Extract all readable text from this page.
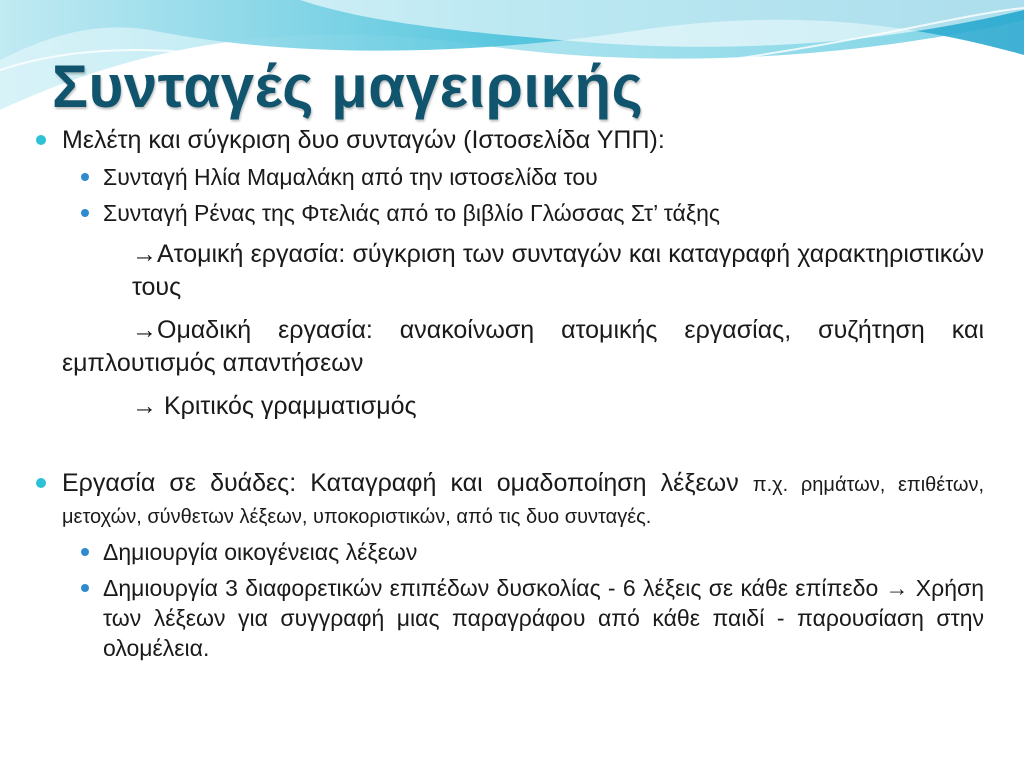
Συνταγές μαγειρικής

Μελέτη και σύγκριση δυο συνταγών (Ιστοσελίδα ΥΠΠ):

Συνταγή Ηλία Μαμαλάκη από την ιστοσελίδα του

Συνταγή Ρένας της Φτελιάς από το βιβλίο Γλώσσας Στ’ τάξης

→Ατομική εργασία: σύγκριση των συνταγών και καταγραφή χαρακτηριστικών τους

→Ομαδική εργασία: ανακοίνωση ατομικής εργασίας, συζήτηση και εμπλουτισμός απαντήσεων

→ Κριτικός γραμματισμός

Εργασία σε δυάδες: Καταγραφή και ομαδοποίηση λέξεων π.χ. ρημάτων, επιθέτων, μετοχών, σύνθετων λέξεων, υποκοριστικών, από τις δυο συνταγές.

Δημιουργία οικογένειας λέξεων

Δημιουργία 3 διαφορετικών επιπέδων δυσκολίας - 6 λέξεις σε κάθε επίπεδο → Χρήση των λέξεων για συγγραφή μιας παραγράφου από κάθε παιδί - παρουσίαση στην ολομέλεια.
